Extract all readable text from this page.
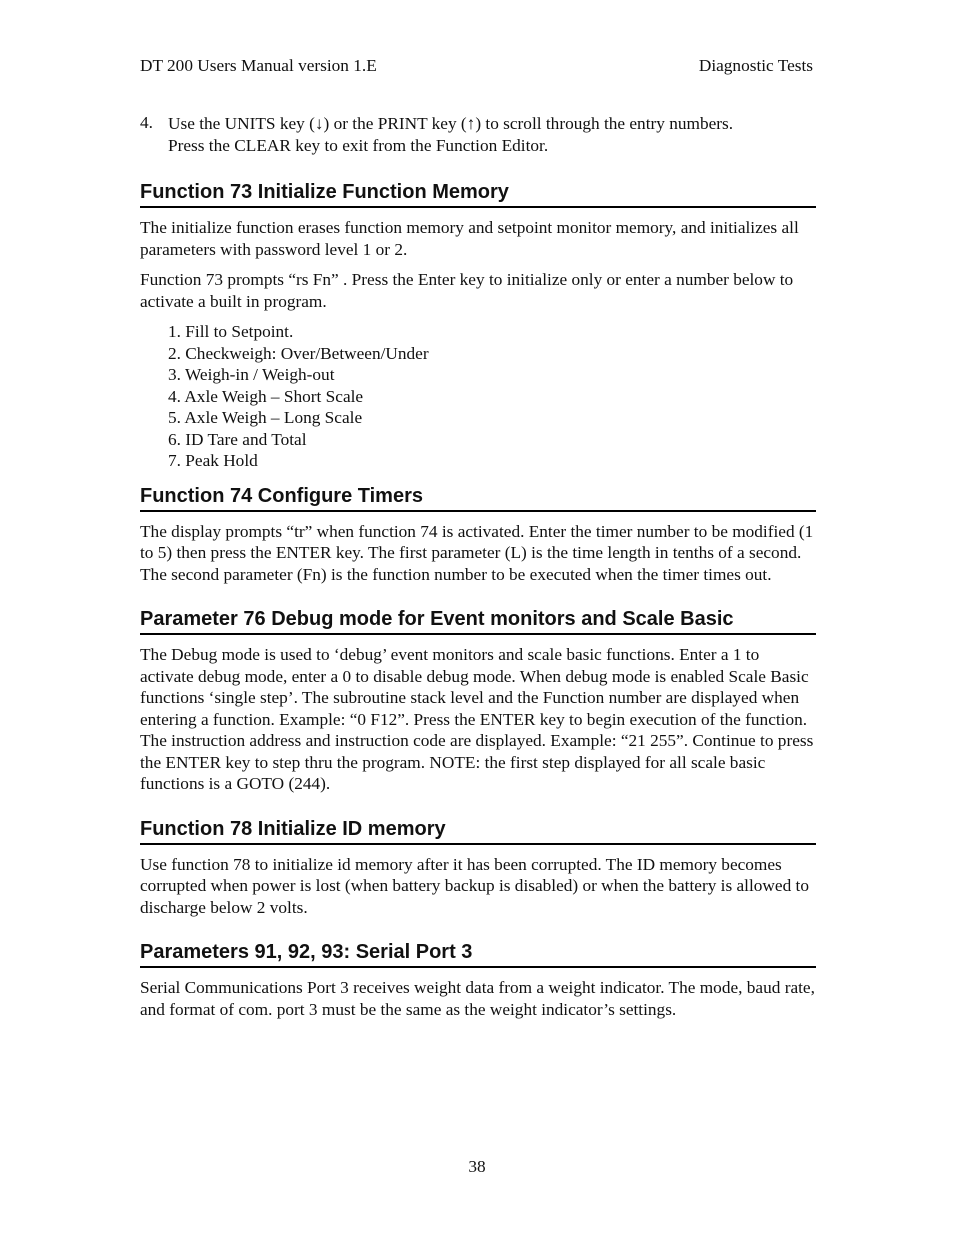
DT 200 Users Manual version 1.E	Diagnostic Tests
4. Use the UNITS key (↓) or the PRINT key (↑) to scroll through the entry numbers.

Press the CLEAR key to exit from the Function Editor.

Function 73 Initialize Function Memory

The initialize function erases function memory and setpoint monitor memory, and initializes all parameters with password level 1 or 2.

Function 73 prompts “rs Fn” . Press the Enter key to initialize only or enter a number below to activate a built in program.

1. Fill to Setpoint.
2. Checkweigh: Over/Between/Under
3. Weigh-in / Weigh-out
4. Axle Weigh – Short Scale
5. Axle Weigh – Long Scale
6. ID Tare and Total
7. Peak Hold
Function 74 Configure Timers

The display prompts “tr” when function 74 is activated. Enter the timer number to be modified (1 to 5) then press the ENTER key. The first parameter (L) is the time length in tenths of a second. The second parameter (Fn) is the function number to be executed when the timer times out.

Parameter 76 Debug mode for Event monitors and Scale Basic

The Debug mode is used to ‘debug’ event monitors and scale basic functions. Enter a 1 to activate debug mode, enter a 0 to disable debug mode. When debug mode is enabled Scale Basic functions ‘single step’. The subroutine stack level and the Function number are displayed when entering a function. Example: “0 F12”. Press the ENTER key to begin execution of the function. The instruction address and instruction code are displayed. Example: “21 255”. Continue to press the ENTER key to step thru the program. NOTE: the first step displayed for all scale basic functions is a GOTO (244).

Function 78 Initialize ID memory

Use function 78 to initialize id memory after it has been corrupted. The ID memory becomes corrupted when power is lost (when battery backup is disabled) or when the battery is allowed to discharge below 2 volts.

Parameters 91, 92, 93: Serial Port 3

Serial Communications Port 3 receives weight data from a weight indicator. The mode, baud rate, and format of com. port 3 must be the same as the weight indicator’s settings.

38
